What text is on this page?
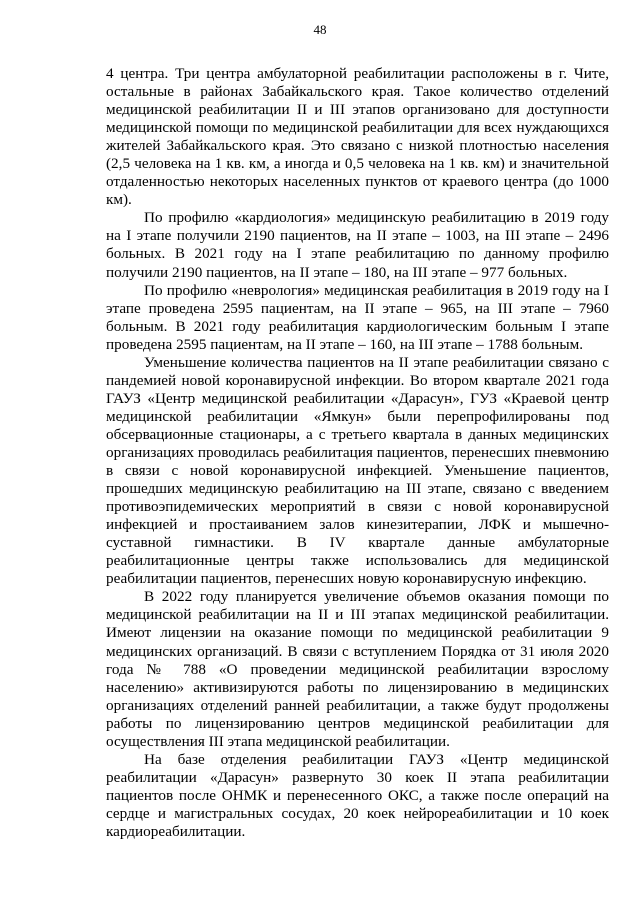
48

4 центра. Три центра амбулаторной реабилитации расположены в г. Чите, остальные в районах Забайкальского края. Такое количество отделений медицинской реабилитации II и III этапов организовано для доступности медицинской помощи по медицинской реабилитации для всех нуждающихся жителей Забайкальского края. Это связано с низкой плотностью населения (2,5 человека на 1 кв. км, а иногда и 0,5 человека на 1 кв. км) и значительной отдаленностью некоторых населенных пунктов от краевого центра (до 1000 км).

По профилю «кардиология» медицинскую реабилитацию в 2019 году на I этапе получили 2190 пациентов, на II этапе – 1003, на III этапе – 2496 больных. В 2021 году на I этапе реабилитацию по данному профилю получили 2190 пациентов, на II этапе – 180, на III этапе – 977 больных.

По профилю «неврология» медицинская реабилитация в 2019 году на I этапе проведена 2595 пациентам, на II этапе – 965, на III этапе – 7960 больным. В 2021 году реабилитация кардиологическим больным I этапе проведена 2595 пациентам, на II этапе – 160, на III этапе – 1788 больным.

Уменьшение количества пациентов на II этапе реабилитации связано с пандемией новой коронавирусной инфекции. Во втором квартале 2021 года ГАУЗ «Центр медицинской реабилитации «Дарасун», ГУЗ «Краевой центр медицинской реабилитации «Ямкун» были перепрофилированы под обсервационные стационары, а с третьего квартала в данных медицинских организациях проводилась реабилитация пациентов, перенесших пневмонию в связи с новой коронавирусной инфекцией. Уменьшение пациентов, прошедших медицинскую реабилитацию на III этапе, связано с введением противоэпидемических мероприятий в связи с новой коронавирусной инфекцией и простаиванием залов кинезитерапии, ЛФК и мышечно-суставной гимнастики. В IV квартале данные амбулаторные реабилитационные центры также использовались для медицинской реабилитации пациентов, перенесших новую коронавирусную инфекцию.

В 2022 году планируется увеличение объемов оказания помощи по медицинской реабилитации на II и III этапах медицинской реабилитации. Имеют лицензии на оказание помощи по медицинской реабилитации 9 медицинских организаций. В связи с вступлением Порядка от 31 июля 2020 года № 788 «О проведении медицинской реабилитации взрослому населению» активизируются работы по лицензированию в медицинских организациях отделений ранней реабилитации, а также будут продолжены работы по лицензированию центров медицинской реабилитации для осуществления III этапа медицинской реабилитации.

На базе отделения реабилитации ГАУЗ «Центр медицинской реабилитации «Дарасун» развернуто 30 коек II этапа реабилитации пациентов после ОНМК и перенесенного ОКС, а также после операций на сердце и магистральных сосудах, 20 коек нейрореабилитации и 10 коек кардиореабилитации.
